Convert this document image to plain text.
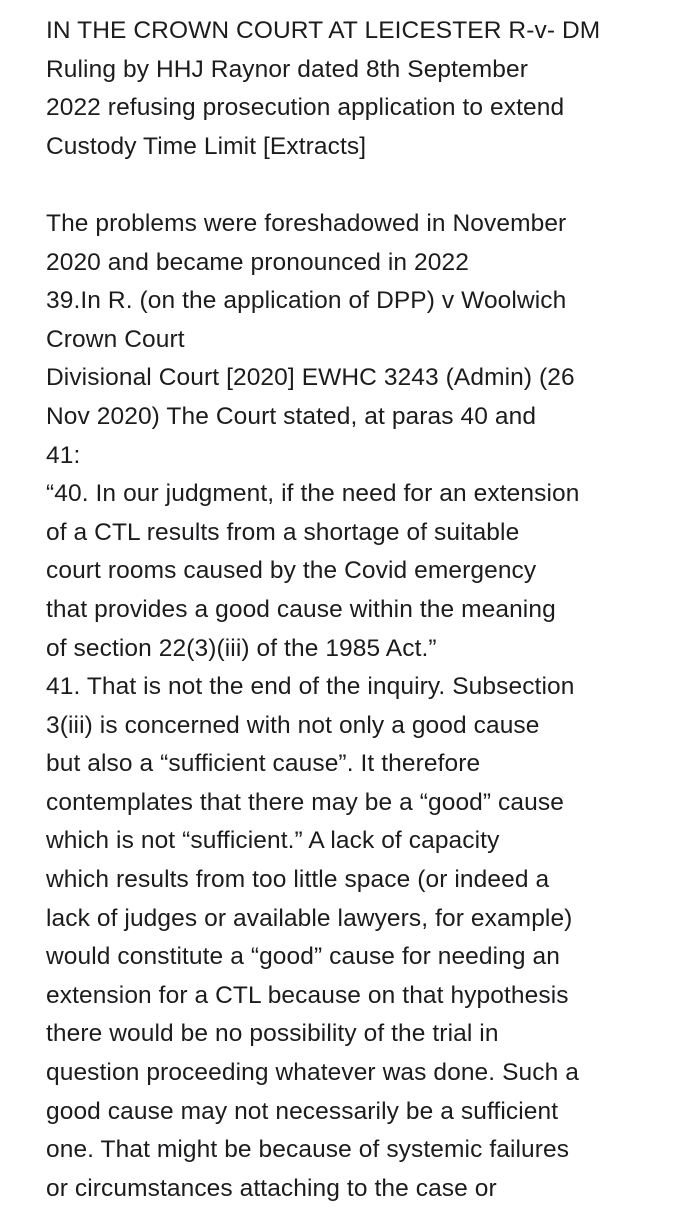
IN THE CROWN COURT AT LEICESTER R-v- DM
Ruling by HHJ Raynor dated 8th September
2022 refusing prosecution application to extend
Custody Time Limit [Extracts]
The problems were foreshadowed in November
2020 and became pronounced in 2022
39.In R. (on the application of DPP) v Woolwich
Crown Court
Divisional Court [2020] EWHC 3243 (Admin) (26
Nov 2020) The Court stated, at paras 40 and
41:
“40. In our judgment, if the need for an extension
of a CTL results from a shortage of suitable
court rooms caused by the Covid emergency
that provides a good cause within the meaning
of section 22(3)(iii) of the 1985 Act.”
41. That is not the end of the inquiry. Subsection
3(iii) is concerned with not only a good cause
but also a “sufficient cause”. It therefore
contemplates that there may be a “good” cause
which is not “sufficient.” A lack of capacity
which results from too little space (or indeed a
lack of judges or available lawyers, for example)
would constitute a “good” cause for needing an
extension for a CTL because on that hypothesis
there would be no possibility of the trial in
question proceeding whatever was done. Such a
good cause may not necessarily be a sufficient
one. That might be because of systemic failures
or circumstances attaching to the case or
